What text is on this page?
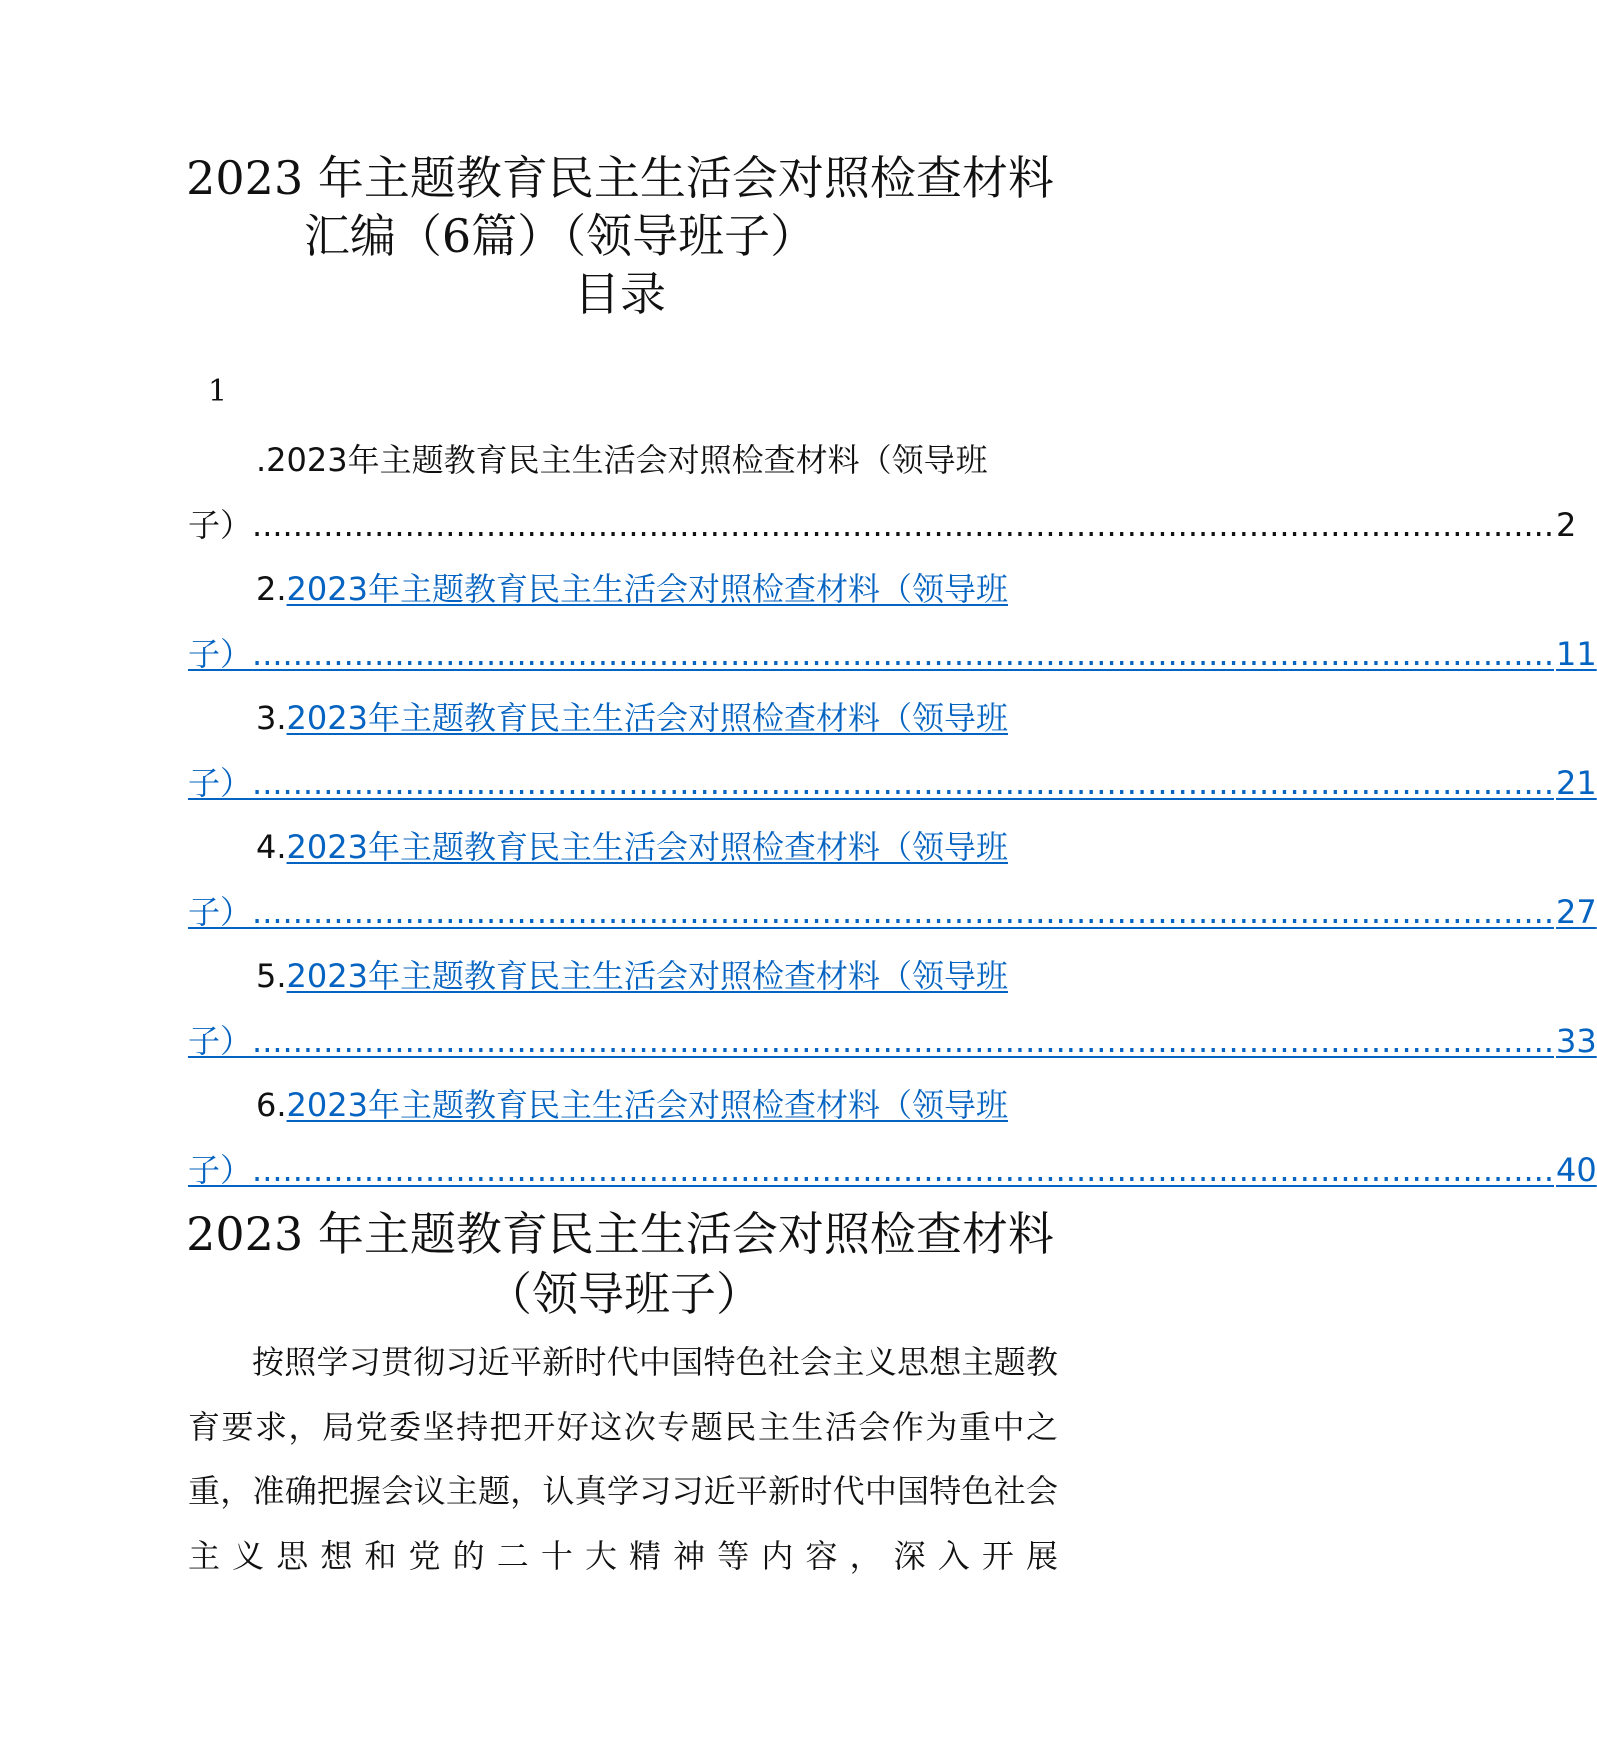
2023 年主题教育民主生活会对照检查材料
汇编（6篇）（领导班子）
目录
1
.2023年主题教育民主生活会对照检查材料（领导班
子） ................................................................................................................................ 2
2.2023年主题教育民主生活会对照检查材料（领导班
子） ................................................................................................................................ 11
3.2023年主题教育民主生活会对照检查材料（领导班
子） ................................................................................................................................ 21
4.2023年主题教育民主生活会对照检查材料（领导班
子） ................................................................................................................................ 27
5.2023年主题教育民主生活会对照检查材料（领导班
子） ................................................................................................................................ 33
6.2023年主题教育民主生活会对照检查材料（领导班
子） ................................................................................................................................ 40
2023 年主题教育民主生活会对照检查材料
（领导班子）

按照学习贯彻习近平新时代中国特色社会主义思想主题教育要求，局党委坚持把开好这次专题民主生活会作为重中之重，准确把握会议主题，认真学习习近平新时代中国特色社会主义思想和党的二十大精神等内容，深入开展
